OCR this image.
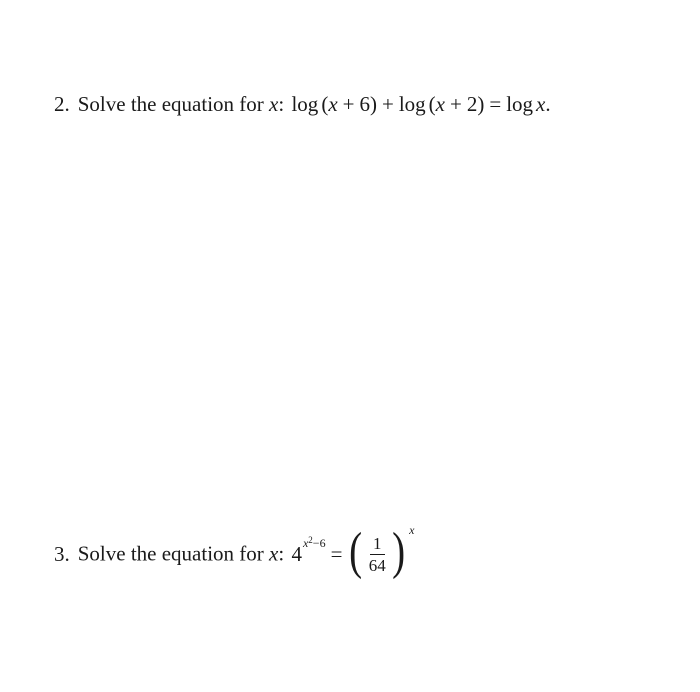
2. Solve the equation for x: log ( x + 6 ) + log ( x + 2 ) = log x .
3. Solve the equation for x: 4 $^{x^2-6}$ = ( $\frac{1}{64}$ ) x
